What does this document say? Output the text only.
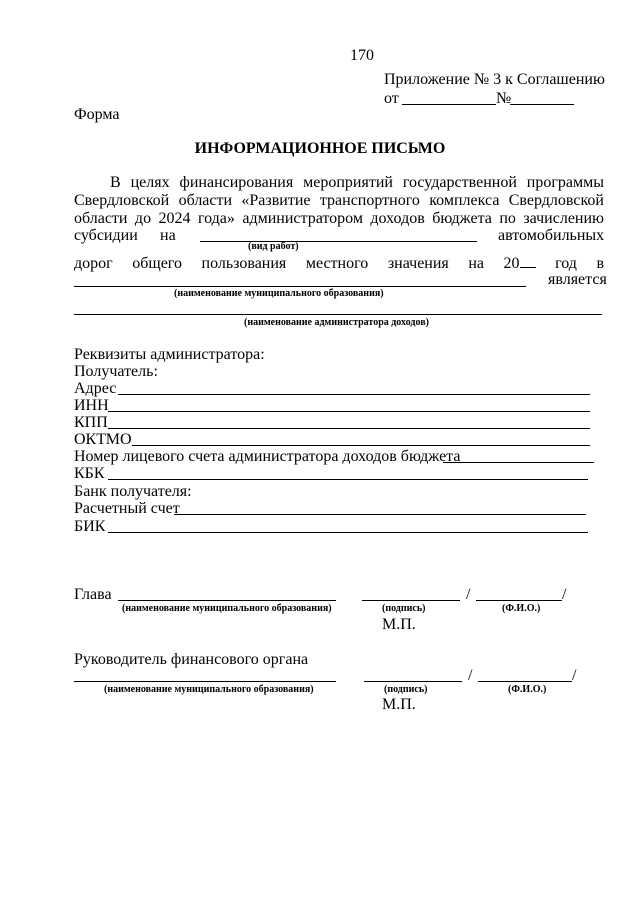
170
Приложение № 3 к Соглашению
от	№
Форма
ИНФОРМАЦИОННОЕ ПИСЬМО
В целях финансирования мероприятий государственной программы
Свердловской области «Развитие транспортного комплекса Свердловской
области до 2024 года» администратором доходов бюджета по зачислению
субсидии на	автомобильных
(вид работ)
дорог общего пользования местного значения на 20	год в
является
(наименование муниципального образования)
(наименование администратора доходов)
Реквизиты администратора:
Получатель:
Адрес
ИНН
КПП
ОКТМО
Номер лицевого счета администратора доходов бюджета
КБК
Банк получателя:
Расчетный счет
БИК
Глава	/	/
(наименование муниципального образования)	(подпись)	(Ф.И.О.)
М.П.
Руководитель финансового органа
/	/
(наименование муниципального образования)	(подпись)	(Ф.И.О.)
М.П.
